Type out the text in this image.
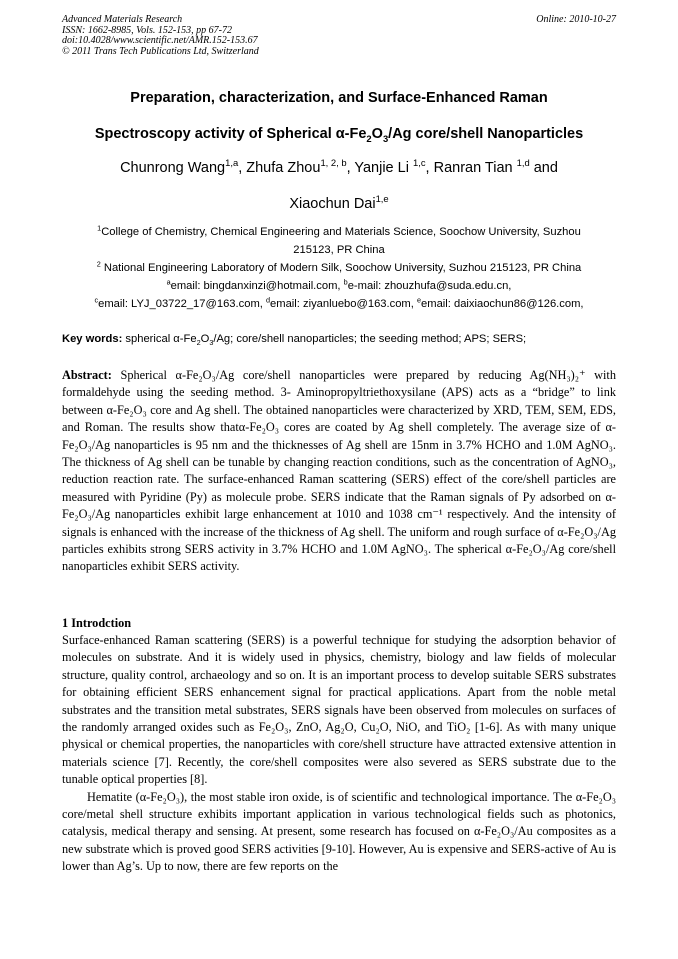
Advanced Materials Research
ISSN: 1662-8985, Vols. 152-153, pp 67-72
doi:10.4028/www.scientific.net/AMR.152-153.67
© 2011 Trans Tech Publications Ltd, Switzerland
Online: 2010-10-27
Preparation, characterization, and Surface-Enhanced Raman
Spectroscopy activity of Spherical $\alpha-Fe_2O_3/Ag$ core/shell Nanoparticles
Chunrong Wang$^{1,a}$, Zhufa Zhou$^{1, 2, b}$, Yanjie Li $^{1,c}$, Ranran Tian $^{1,d}$ and
Xiaochun Dai$^{1,e}$
$^1$College of Chemistry, Chemical Engineering and Materials Science, Soochow University, Suzhou
215123, PR China
$^2$ National Engineering Laboratory of Modern Silk, Soochow University, Suzhou 215123, PR China
$^a$email: bingdanxinzi@hotmail.com, $^b$e-mail: zhouzhufa@suda.edu.cn,
$^c$email: LYJ_03722_17@163.com, $^d$email: ziyanluebo@163.com, $^e$email: daixiaochun86@126.com,
Key words: spherical $\alpha-Fe_2O_3/Ag$; core/shell nanoparticles; the seeding method; APS; SERS;

Abstract: Spherical α-Fe₂O₃/Ag core/shell nanoparticles were prepared by reducing Ag(NH₃)₂⁺ with formaldehyde using the seeding method. 3- Aminopropyltriethoxysilane (APS) acts as a “bridge” to link between α-Fe₂O₃ core and Ag shell. The obtained nanoparticles were characterized by XRD, TEM, SEM, EDS, and Roman. The results show thatα-Fe₂O₃ cores are coated by Ag shell completely. The average size of α-Fe₂O₃/Ag nanoparticles is 95 nm and the thicknesses of Ag shell are 15nm in 3.7% HCHO and 1.0M AgNO₃. The thickness of Ag shell can be tunable by changing reaction conditions, such as the concentration of AgNO₃, reduction reaction rate. The surface-enhanced Raman scattering (SERS) effect of the core/shell particles are measured with Pyridine (Py) as molecule probe. SERS indicate that the Raman signals of Py adsorbed on α-Fe₂O₃/Ag nanoparticles exhibit large enhancement at 1010 and 1038 cm⁻¹ respectively. And the intensity of signals is enhanced with the increase of the thickness of Ag shell. The uniform and rough surface of α-Fe₂O₃/Ag particles exhibits strong SERS activity in 3.7% HCHO and 1.0M AgNO₃. The spherical α-Fe₂O₃/Ag core/shell nanoparticles exhibit SERS activity.

1 Introdction

Surface-enhanced Raman scattering (SERS) is a powerful technique for studying the adsorption behavior of molecules on substrate. And it is widely used in physics, chemistry, biology and law fields of molecular structure, quality control, archaeology and so on. It is an important process to develop suitable SERS substrates for obtaining efficient SERS enhancement signal for practical applications. Apart from the noble metal substrates and the transition metal substrates, SERS signals have been observed from molecules on surfaces of the randomly arranged oxides such as Fe₂O₃, ZnO, Ag₂O, Cu₂O, NiO, and TiO₂ [1-6]. As with many unique physical or chemical properties, the nanoparticles with core/shell structure have attracted extensive attention in materials science [7]. Recently, the core/shell composites were also severed as SERS substrate due to the tunable optical properties [8].

Hematite (α-Fe₂O₃), the most stable iron oxide, is of scientific and technological importance. The α-Fe₂O₃ core/metal shell structure exhibits important application in various technological fields such as photonics, catalysis, medical therapy and sensing. At present, some research has focused on α-Fe₂O₃/Au composites as a new substrate which is proved good SERS activities [9-10]. However, Au is expensive and SERS-active of Au is lower than Ag’s. Up to now, there are few reports on the
